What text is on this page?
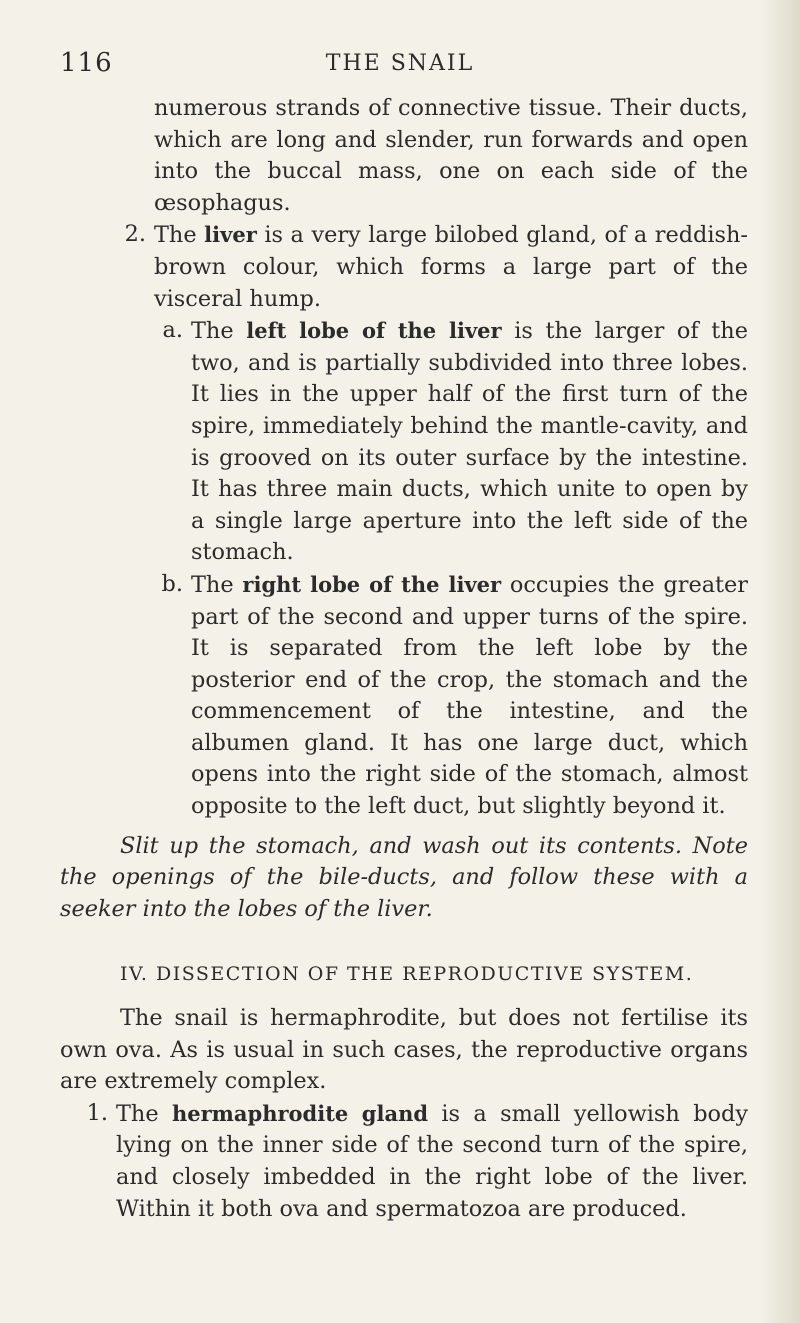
116	THE SNAIL

numerous strands of connective tissue. Their ducts, which are long and slender, run forwards and open into the buccal mass, one on each side of the œsophagus.

2. The liver is a very large bilobed gland, of a reddish-brown colour, which forms a large part of the visceral hump.

a. The left lobe of the liver is the larger of the two, and is partially subdivided into three lobes. It lies in the upper half of the first turn of the spire, immediately behind the mantle-cavity, and is grooved on its outer surface by the intestine. It has three main ducts, which unite to open by a single large aperture into the left side of the stomach.

b. The right lobe of the liver occupies the greater part of the second and upper turns of the spire. It is separated from the left lobe by the posterior end of the crop, the stomach and the commencement of the intestine, and the albumen gland. It has one large duct, which opens into the right side of the stomach, almost opposite to the left duct, but slightly beyond it.

Slit up the stomach, and wash out its contents. Note the openings of the bile-ducts, and follow these with a seeker into the lobes of the liver.

IV. DISSECTION OF THE REPRODUCTIVE SYSTEM.

The snail is hermaphrodite, but does not fertilise its own ova. As is usual in such cases, the reproductive organs are extremely complex.

1. The hermaphrodite gland is a small yellowish body lying on the inner side of the second turn of the spire, and closely imbedded in the right lobe of the liver. Within it both ova and spermatozoa are produced.
